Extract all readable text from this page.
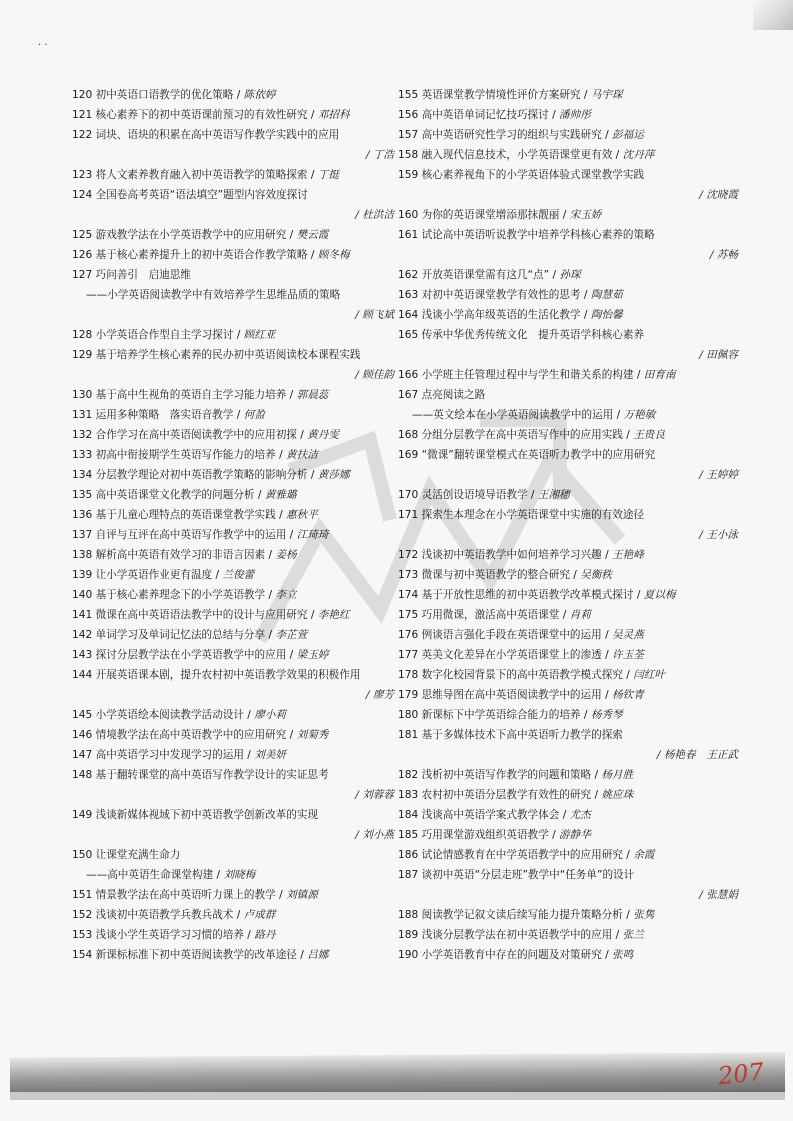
· ·
120 初中英语口语教学的优化策略 / 陈依婷
121 核心素养下的初中英语课前预习的有效性研究 / 邓招科
122 词块、语块的积累在高中英语写作教学实践中的应用
/ 丁浩
123 将人文素养教育融入初中英语教学的策略探索 / 丁挺
124 全国卷高考英语“语法填空”题型内容效度探讨
/ 杜洪洁
125 游戏教学法在小学英语教学中的应用研究 / 樊云霞
126 基于核心素养提升上的初中英语合作教学策略 / 顾冬梅
127 巧问善引　启迪思维
——小学英语阅读教学中有效培养学生思维品质的策略
/ 顾飞斌
128 小学英语合作型自主学习探讨 / 顾红亚
129 基于培养学生核心素养的民办初中英语阅读校本课程实践
/ 顾佳韵
130 基于高中生视角的英语自主学习能力培养 / 郭晨蕊
131 运用多种策略　落实语音教学 / 何盈
132 合作学习在高中英语阅读教学中的应用初探 / 黄丹雯
133 初高中衔接期学生英语写作能力的培养 / 黄扶洁
134 分层教学理论对初中英语教学策略的影响分析 / 黄莎娜
135 高中英语课堂文化教学的问题分析 / 黄雅璐
136 基于儿童心理特点的英语课堂教学实践 / 惠秋平
137 自评与互评在高中英语写作教学中的运用 / 江琦琦
138 解析高中英语有效学习的非语言因素 / 姜杨
139 让小学英语作业更有温度 / 兰俊蕾
140 基于核心素养理念下的小学英语教学 / 李立
141 微课在高中英语语法教学中的设计与应用研究 / 李艳红
142 单词学习及单词记忆法的总结与分享 / 李芷萱
143 探讨分层教学法在小学英语教学中的应用 / 梁玉婷
144 开展英语课本剧，提升农村初中英语教学效果的积极作用
/ 廖芳
145 小学英语绘本阅读教学活动设计 / 廖小莉
146 情境教学法在高中英语教学中的应用研究 / 刘菊秀
147 高中英语学习中发现学习的运用 / 刘美妍
148 基于翻转课堂的高中英语写作教学设计的实证思考
/ 刘蓉蓉
149 浅谈新媒体视域下初中英语教学创新改革的实现
/ 刘小燕
150 让课堂充满生命力
——高中英语生命课堂构建 / 刘晓梅
151 情景教学法在高中英语听力课上的教学 / 刘镇源
152 浅谈初中英语教学兵教兵战术 / 卢成群
153 浅谈小学生英语学习习惯的培养 / 路丹
154 新课标标准下初中英语阅读教学的改革途径 / 吕娜
155 英语课堂教学情境性评价方案研究 / 马宇琛
156 高中英语单词记忆技巧探讨 / 潘帅彤
157 高中英语研究性学习的组织与实践研究 / 彭福运
158 融入现代信息技术，小学英语课堂更有效 / 沈丹萍
159 核心素养视角下的小学英语体验式课堂教学实践
/ 沈晓霞
160 为你的英语课堂增添那抹靓丽 / 宋玉娇
161 试论高中英语听说教学中培养学科核心素养的策略
/ 苏畅
162 开放英语课堂需有这几“点” / 孙琛
163 对初中英语课堂教学有效性的思考 / 陶慧茹
164 浅谈小学高年级英语的生活化教学 / 陶怡馨
165 传承中华优秀传统文化　提升英语学科核心素养
/ 田佩容
166 小学班主任管理过程中与学生和谐关系的构建 / 田育南
167 点亮阅读之路
——英文绘本在小学英语阅读教学中的运用 / 万艳敏
168 分组分层教学在高中英语写作中的应用实践 / 王贵良
169 “微课”翻转课堂模式在英语听力教学中的应用研究
/ 王婷婷
170 灵活创设语境导语教学 / 王湘穗
171 探索生本理念在小学英语课堂中实施的有效途径
/ 王小泳
172 浅谈初中英语教学中如何培养学习兴趣 / 王艳峰
173 微课与初中英语教学的整合研究 / 吴衡秩
174 基于开放性思维的初中英语教学改革模式探讨 / 夏以梅
175 巧用微课，激活高中英语课堂 / 肖莉
176 例谈语言强化手段在英语课堂中的运用 / 吴灵燕
177 英美文化差异在小学英语课堂上的渗透 / 许玉荃
178 数字化校园背景下的高中英语教学模式探究 / 闫红叶
179 思维导图在高中英语阅读教学中的运用 / 杨钦青
180 新课标下中学英语综合能力的培养 / 杨秀琴
181 基于多媒体技术下高中英语听力教学的探索
/ 杨艳春　王正武
182 浅析初中英语写作教学的问题和策略 / 杨月胜
183 农村初中英语分层教学有效性的研究 / 姚应珠
184 浅谈高中英语学案式教学体会 / 尤杰
185 巧用课堂游戏组织英语教学 / 游静华
186 试论情感教育在中学英语教学中的应用研究 / 余霞
187 谈初中英语“分层走班”教学中“任务单”的设计
/ 张慧娟
188 阅读教学记叙文读后续写能力提升策略分析 / 张隽
189 浅谈分层教学法在初中英语教学中的应用 / 张兰
190 小学英语教育中存在的问题及对策研究 / 张鸣
207
